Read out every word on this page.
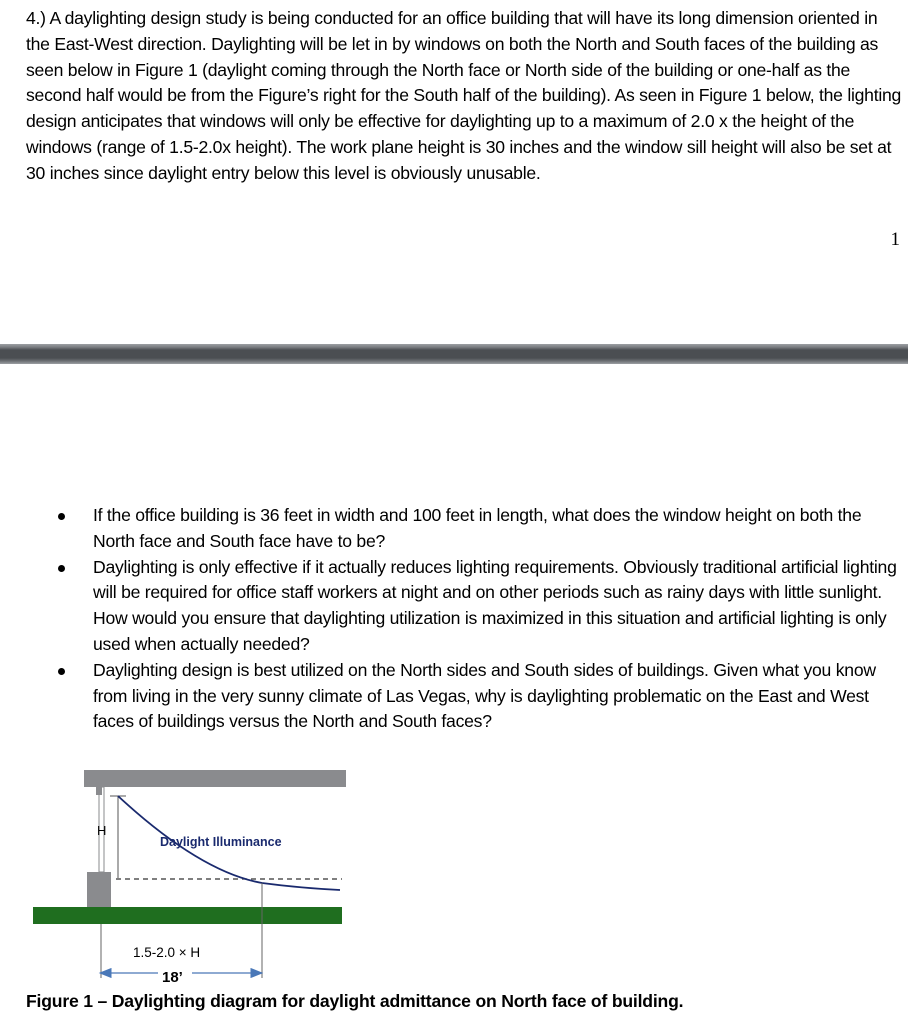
4.) A daylighting design study is being conducted for an office building that will have its long dimension oriented in the East-West direction. Daylighting will be let in by windows on both the North and South faces of the building as seen below in Figure 1 (daylight coming through the North face or North side of the building or one-half as the second half would be from the Figure’s right for the South half of the building). As seen in Figure 1 below, the lighting design anticipates that windows will only be effective for daylighting up to a maximum of 2.0 x the height of the windows (range of 1.5-2.0x height). The work plane height is 30 inches and the window sill height will also be set at 30 inches since daylight entry below this level is obviously unusable.

1
If the office building is 36 feet in width and 100 feet in length, what does the window height on both the North face and South face have to be?
Daylighting is only effective if it actually reduces lighting requirements. Obviously traditional artificial lighting will be required for office staff workers at night and on other periods such as rainy days with little sunlight. How would you ensure that daylighting utilization is maximized in this situation and artificial lighting is only used when actually needed?
Daylighting design is best utilized on the North sides and South sides of buildings. Given what you know from living in the very sunny climate of Las Vegas, why is daylighting problematic on the East and West faces of buildings versus the North and South faces?
H
Daylight Illuminance
1.5-2.0 × H
18’
Figure 1 – Daylighting diagram for daylight admittance on North face of building.
